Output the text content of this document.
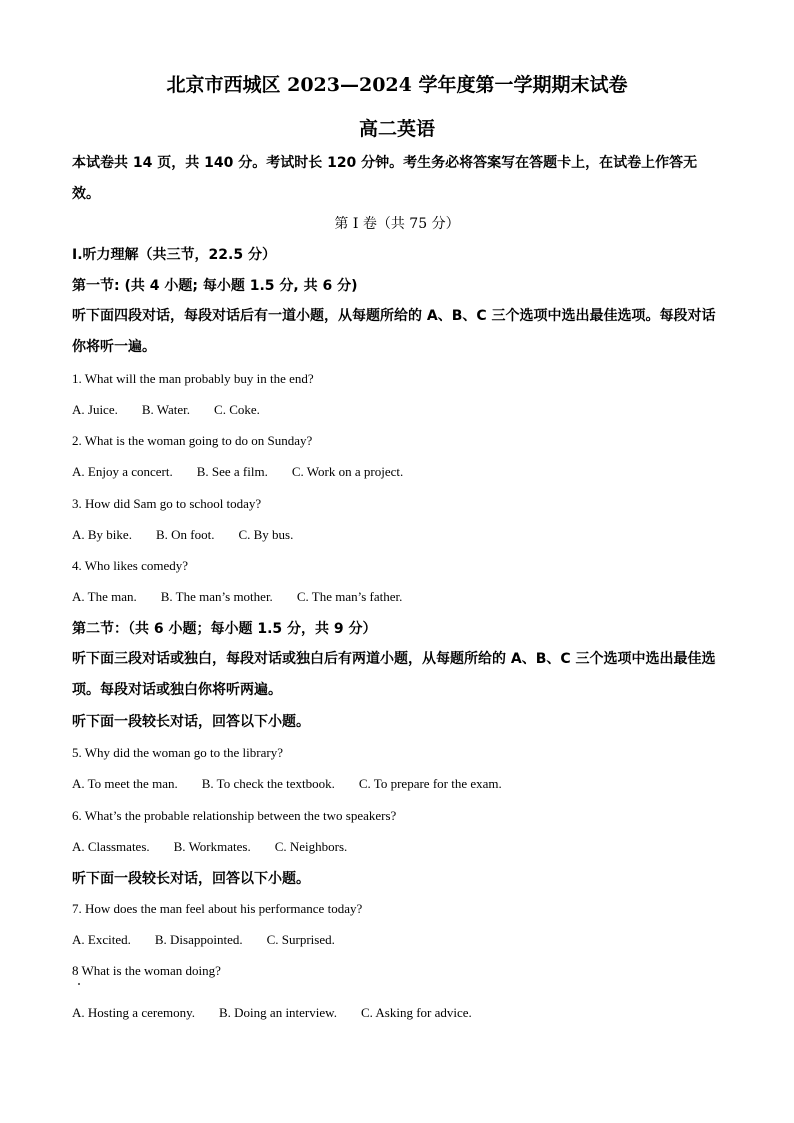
北京市西城区 2023—2024 学年度第一学期期末试卷
高二英语
本试卷共 14 页，共 140 分。考试时长 120 分钟。考生务必将答案写在答题卡上，在试卷上作答无效。
第 I 卷（共 75 分）
Ⅰ.听力理解（共三节，22.5 分）
第一节: (共 4 小题; 每小题 1.5 分, 共 6 分)
听下面四段对话，每段对话后有一道小题，从每题所给的 A、B、C 三个选项中选出最佳选项。每段对话你将听一遍。
1. What will the man probably buy in the end?
A. Juice. B. Water. C. Coke.
2. What is the woman going to do on Sunday?
A. Enjoy a concert. B. See a film. C. Work on a project.
3. How did Sam go to school today?
A. By bike. B. On foot. C. By bus.
4. Who likes comedy?
A. The man. B. The man’s mother. C. The man’s father.
第二节：（共 6 小题；每小题 1.5 分，共 9 分）
听下面三段对话或独白，每段对话或独白后有两道小题，从每题所给的 A、B、C 三个选项中选出最佳选项。每段对话或独白你将听两遍。
听下面一段较长对话，回答以下小题。
5. Why did the woman go to the library?
A. To meet the man. B. To check the textbook. C. To prepare for the exam.
6. What’s the probable relationship between the two speakers?
A. Classmates. B. Workmates. C. Neighbors.
听下面一段较长对话，回答以下小题。
7. How does the man feel about his performance today?
A. Excited. B. Disappointed. C. Surprised.
8 What is the woman doing?
A. Hosting a ceremony. B. Doing an interview. C. Asking for advice.
